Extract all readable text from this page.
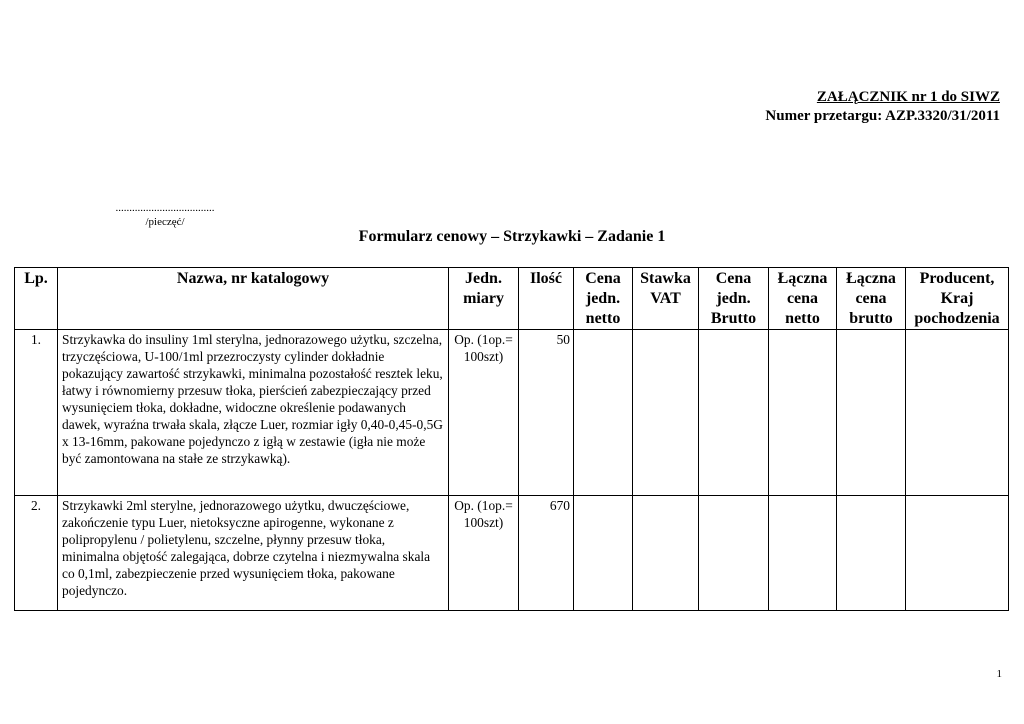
ZAŁĄCZNIK nr 1 do SIWZ
Numer przetargu: AZP.3320/31/2011
....................................
/pieczęć/
Formularz cenowy – Strzykawki – Zadanie 1
Lp.	Nazwa, nr katalogowy	Jedn. miary	Ilość	Cena jedn. netto	Stawka VAT	Cena jedn. Brutto	Łączna cena netto	Łączna cena brutto	Producent, Kraj pochodzenia
1.	Strzykawka do insuliny 1ml sterylna, jednorazowego użytku, szczelna, trzyczęściowa, U-100/1ml przezroczysty cylinder dokładnie pokazujący zawartość strzykawki, minimalna pozostałość resztek leku, łatwy i równomierny przesuw tłoka, pierścień zabezpieczający przed wysunięciem tłoka, dokładne, widoczne określenie podawanych dawek, wyraźna trwała skala, złącze Luer, rozmiar igły 0,40-0,45-0,5G x 13-16mm, pakowane pojedynczo z igłą w zestawie (igła nie może być zamontowana na stałe ze strzykawką).	Op. (1op.= 100szt)	50						
2.	Strzykawki 2ml sterylne, jednorazowego użytku, dwuczęściowe, zakończenie typu Luer, nietoksyczne apirogenne, wykonane z polipropylenu / polietylenu, szczelne, płynny przesuw tłoka, minimalna objętość zalegająca, dobrze czytelna i niezmywalna skala co 0,1ml, zabezpieczenie przed wysunięciem tłoka, pakowane pojedynczo.	Op. (1op.= 100szt)	670						
1
